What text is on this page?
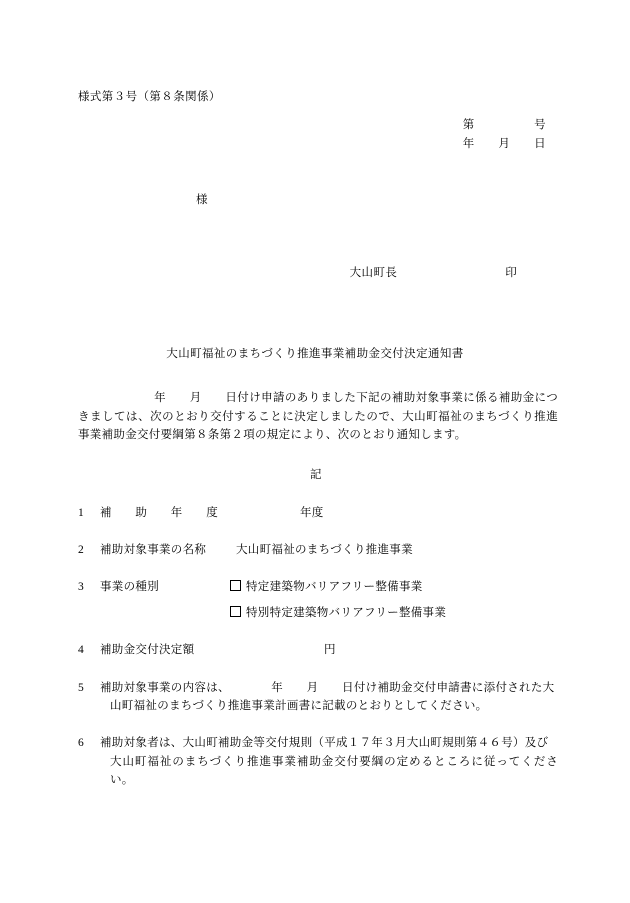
様式第３号（第８条関係）
第　　　　　号
年　　月　　日
様

大山町長	印

大山町福祉のまちづくり推進事業補助金交付決定通知書
年　　月　　日付け申請のありました下記の補助対象事業に係る補助金につきましては、次のとおり交付することに決定しましたので、大山町福祉のまちづくり推進事業補助金交付要綱第８条第２項の規定により、次のとおり通知します。
記
1	補　　助　　年　　度	年度
2	補助対象事業の名称	大山町福祉のまちづくり推進事業
3	事業の種別	特定建築物バリアフリー整備事業
特別特定建築物バリアフリー整備事業
4	補助金交付決定額	円
5	補助対象事業の内容は、　　　　年　　月　　日付け補助金交付申請書に添付された大
山町福祉のまちづくり推進事業計画書に記載のとおりとしてください。
6	補助対象者は、大山町補助金等交付規則（平成１７年３月大山町規則第４６号）及び
大山町福祉のまちづくり推進事業補助金交付要綱の定めるところに従ってください。
